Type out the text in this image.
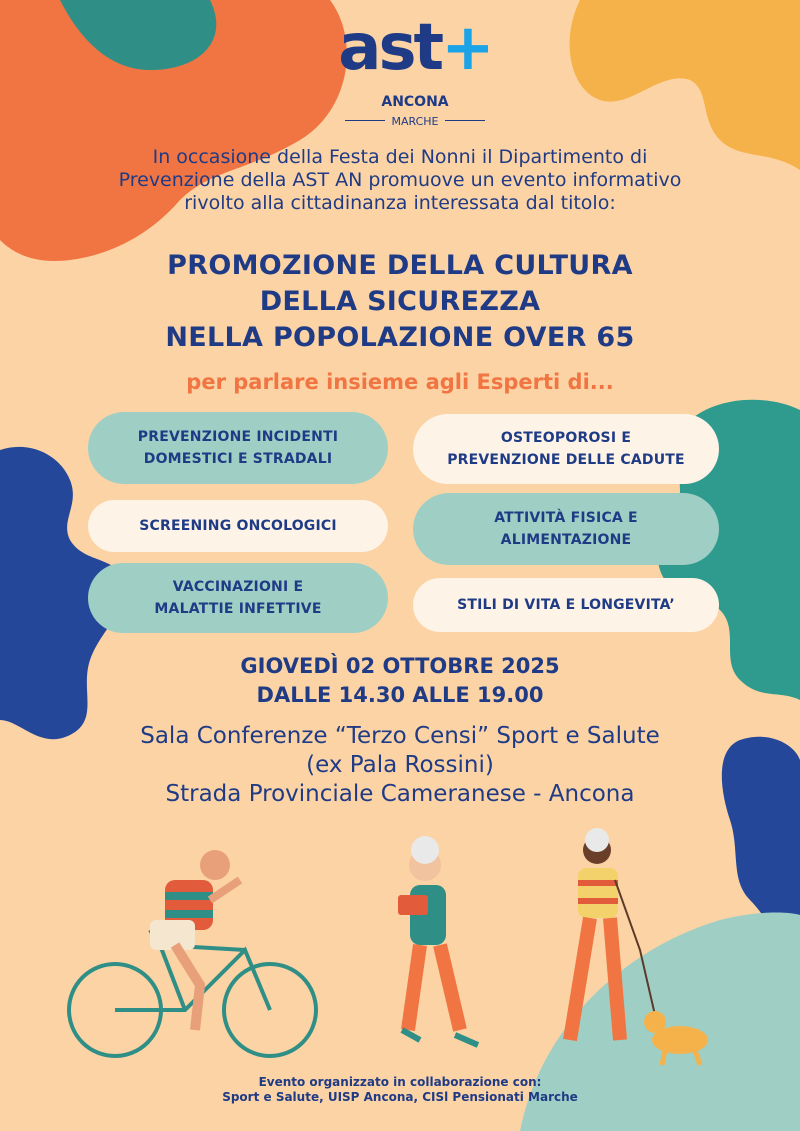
ast+
ANCONA
MARCHE
In occasione della Festa dei Nonni il Dipartimento di
Prevenzione della AST AN promuove un evento informativo
rivolto alla cittadinanza interessata dal titolo:
PROMOZIONE DELLA CULTURA
DELLA SICUREZZA
NELLA POPOLAZIONE OVER 65
per parlare insieme agli Esperti di...
PREVENZIONE INCIDENTI
DOMESTICI E STRADALI
OSTEOPOROSI E
PREVENZIONE DELLE CADUTE
SCREENING ONCOLOGICI	ATTIVITÀ FISICA E
ALIMENTAZIONE
VACCINAZIONI E
MALATTIE INFETTIVE	STILI DI VITA E LONGEVITA’
GIOVEDÌ 02 OTTOBRE 2025
DALLE 14.30 ALLE 19.00
Sala Conferenze “Terzo Censi” Sport e Salute
(ex Pala Rossini)
Strada Provinciale Cameranese - Ancona
Evento organizzato in collaborazione con:
Sport e Salute, UISP Ancona, CISl Pensionati Marche
